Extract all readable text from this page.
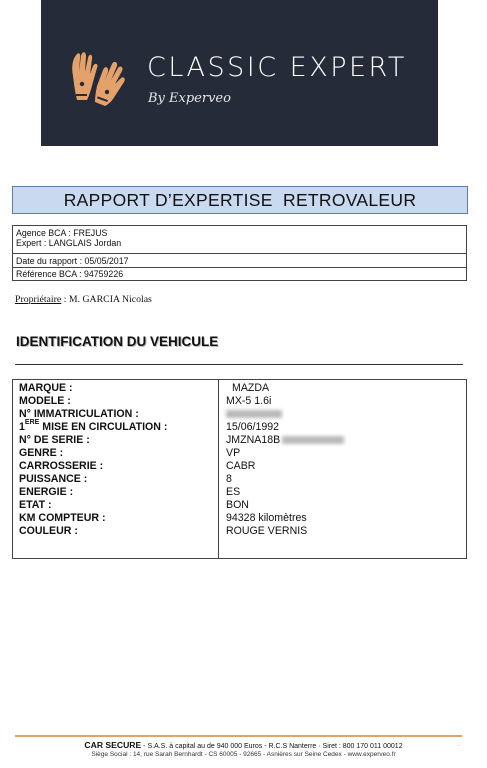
CLASSIC EXPERT
By Experveo
RAPPORT D’EXPERTISE  RETROVALEUR
Agence BCA : FREJUS
Expert : LANGLAIS Jordan
Date du rapport : 05/05/2017
Référence BCA : 94759226
Propriétaire : M. GARCIA Nicolas
IDENTIFICATION DU VEHICULE
MARQUE :	MAZDA
MODELE :	MX-5 1.6i
N° IMMATRICULATION :
1ERE MISE EN CIRCULATION :	15/06/1992
N° DE SERIE :	JMZNA18B
GENRE :	VP
CARROSSERIE :	CABR
PUISSANCE :	8
ENERGIE :	ES
ETAT :	BON
KM COMPTEUR :	94328 kilomètres
COULEUR :	ROUGE VERNIS
CAR SECURE - S.A.S. à capital au de 940 000 Euros - R.C.S Nanterre · Siret : 800 170 011 00012
Siège Social : 14, rue Sarah Bernhardt - CS 60005 - 92665 - Asnières sur Seine Cedex - www.experveo.fr
·
